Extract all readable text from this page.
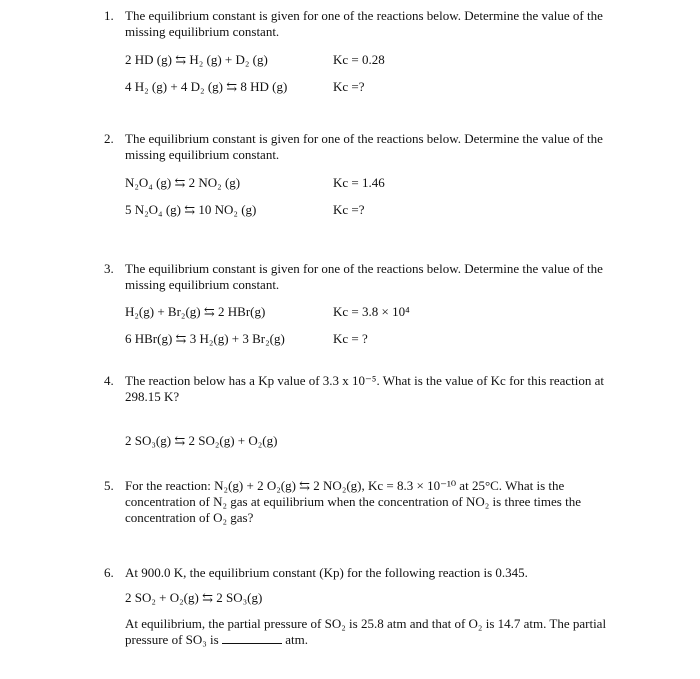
1. The equilibrium constant is given for one of the reactions below. Determine the value of the missing equilibrium constant.
2 HD (g) ⇆ H₂ (g) + D₂ (g)	Kc = 0.28
4 H₂ (g) + 4 D₂ (g) ⇆ 8 HD (g)	Kc =?
2. The equilibrium constant is given for one of the reactions below. Determine the value of the missing equilibrium constant.
N₂O₄ (g) ⇆ 2 NO₂ (g)	Kc = 1.46
5 N₂O₄ (g) ⇆ 10 NO₂ (g)	Kc =?
3. The equilibrium constant is given for one of the reactions below. Determine the value of the missing equilibrium constant.
H₂(g) + Br₂(g) ⇆ 2 HBr(g)	Kc = 3.8 × 10⁴
6 HBr(g) ⇆ 3 H₂(g) + 3 Br₂(g)	Kc = ?
4. The reaction below has a Kp value of 3.3 x 10⁻⁵. What is the value of Kc for this reaction at 298.15 K?
2 SO₃(g) ⇆ 2 SO₂(g) + O₂(g)
5. For the reaction: N₂(g) + 2 O₂(g) ⇆ 2 NO₂(g), Kc = 8.3 × 10⁻¹⁰ at 25°C. What is the concentration of N₂ gas at equilibrium when the concentration of NO₂ is three times the concentration of O₂ gas?
6. At 900.0 K, the equilibrium constant (Kp) for the following reaction is 0.345.
2 SO₂ + O₂(g) ⇆ 2 SO₃(g)
At equilibrium, the partial pressure of SO₂ is 25.8 atm and that of O₂ is 14.7 atm. The partial pressure of SO₃ is	atm.
